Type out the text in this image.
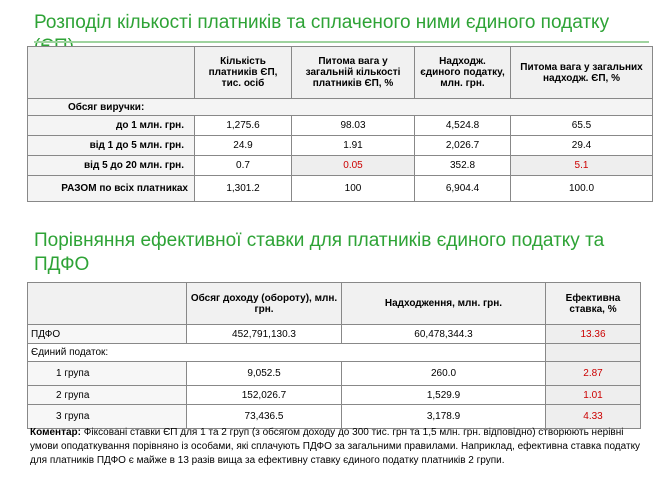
Розподіл кількості платників та сплаченого ними єдиного податку
	Кількість платників ЄП, тис. осіб	Питома вага у загальній кількості платників ЄП, %	Надходж. єдиного податку, млн. грн.	Питома вага у загальних надходж. ЄП, %
Обсяг виручки:				
до 1 млн. грн.	1,275.6	98.03	4,524.8	65.5
від 1 до 5 млн. грн.	24.9	1.91	2,026.7	29.4
від 5 до 20 млн. грн.	0.7	0.05	352.8	5.1
РАЗОМ по всіх платниках	1,301.2	100	6,904.4	100.0
Порівняння ефективної ставки для платників єдиного податку та ПДФО
	Обсяг доходу (обороту), млн. грн.	Надходження, млн. грн.	Ефективна ставка, %
ПДФО	452,791,130.3	60,478,344.3	13.36
Єдиний податок:			
1 група	9,052.5	260.0	2.87
2 група	152,026.7	1,529.9	1.01
3 група	73,436.5	3,178.9	4.33
Коментар: Фіксовані ставки ЄП для 1 та 2 груп (з обсягом доходу до 300 тис. грн та 1,5 млн. грн. відповідно) створюють нерівні умови оподаткування порівняно із особами, які сплачують ПДФО за загальними правилами. Наприклад, ефективна ставка податку для платників ПДФО є майже в 13 разів вища за ефективну ставку єдиного податку платників 2 групи.
